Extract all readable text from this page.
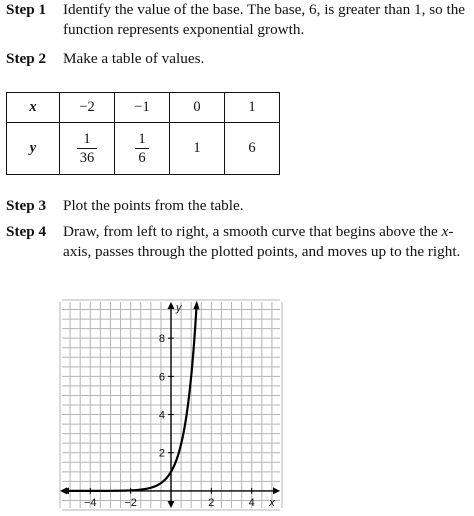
Step 1 Identify the value of the base. The base, 6, is greater than 1, so the function represents exponential growth.
Step 2 Make a table of values.
x	−2	−1	0	1
y	$\frac{1}{36}$	$\frac{1}{6}$	1	6
Step 3 Plot the points from the table.
Step 4 Draw, from left to right, a smooth curve that begins above the x-axis, passes through the plotted points, and moves up to the right.
−4	−2	2	4
2
4
6
8
x
y
